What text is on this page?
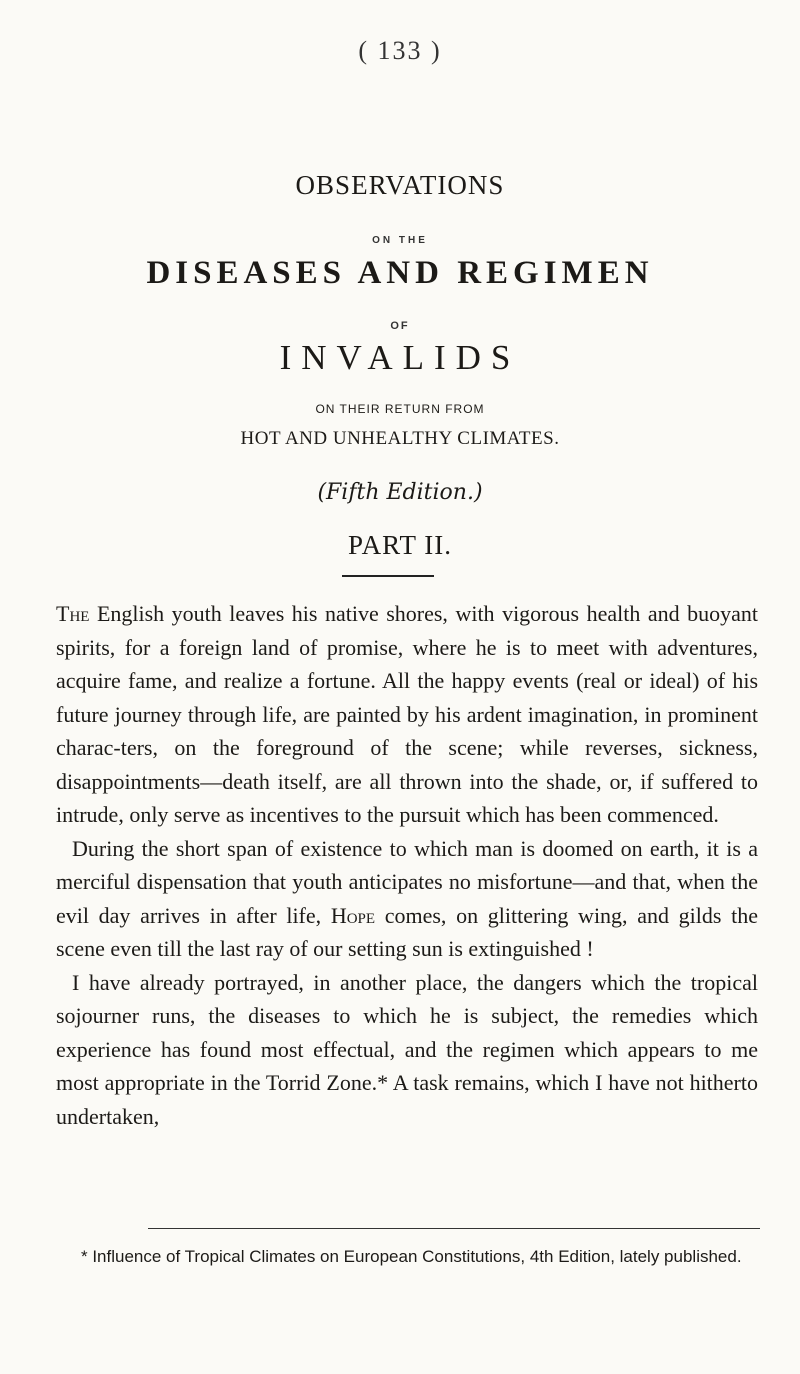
( 133 )
OBSERVATIONS
ON THE
DISEASES AND REGIMEN
OF
INVALIDS
ON THEIR RETURN FROM
HOT AND UNHEALTHY CLIMATES.
(Fifth Edition.)
PART II.

The English youth leaves his native shores, with vigorous health and buoyant spirits, for a foreign land of promise, where he is to meet with adventures, acquire fame, and realize a fortune. All the happy events (real or ideal) of his future journey through life, are painted by his ardent imagination, in prominent charac-ters, on the foreground of the scene; while reverses, sickness, disappointments—death itself, are all thrown into the shade, or, if suffered to intrude, only serve as incentives to the pursuit which has been commenced.

During the short span of existence to which man is doomed on earth, it is a merciful dispensation that youth anticipates no misfortune—and that, when the evil day arrives in after life, Hope comes, on glittering wing, and gilds the scene even till the last ray of our setting sun is extinguished !

I have already portrayed, in another place, the dangers which the tropical sojourner runs, the diseases to which he is subject, the remedies which experience has found most effectual, and the regimen which appears to me most appropriate in the Torrid Zone.* A task remains, which I have not hitherto undertaken,

* Influence of Tropical Climates on European Constitutions, 4th Edition, lately published.
